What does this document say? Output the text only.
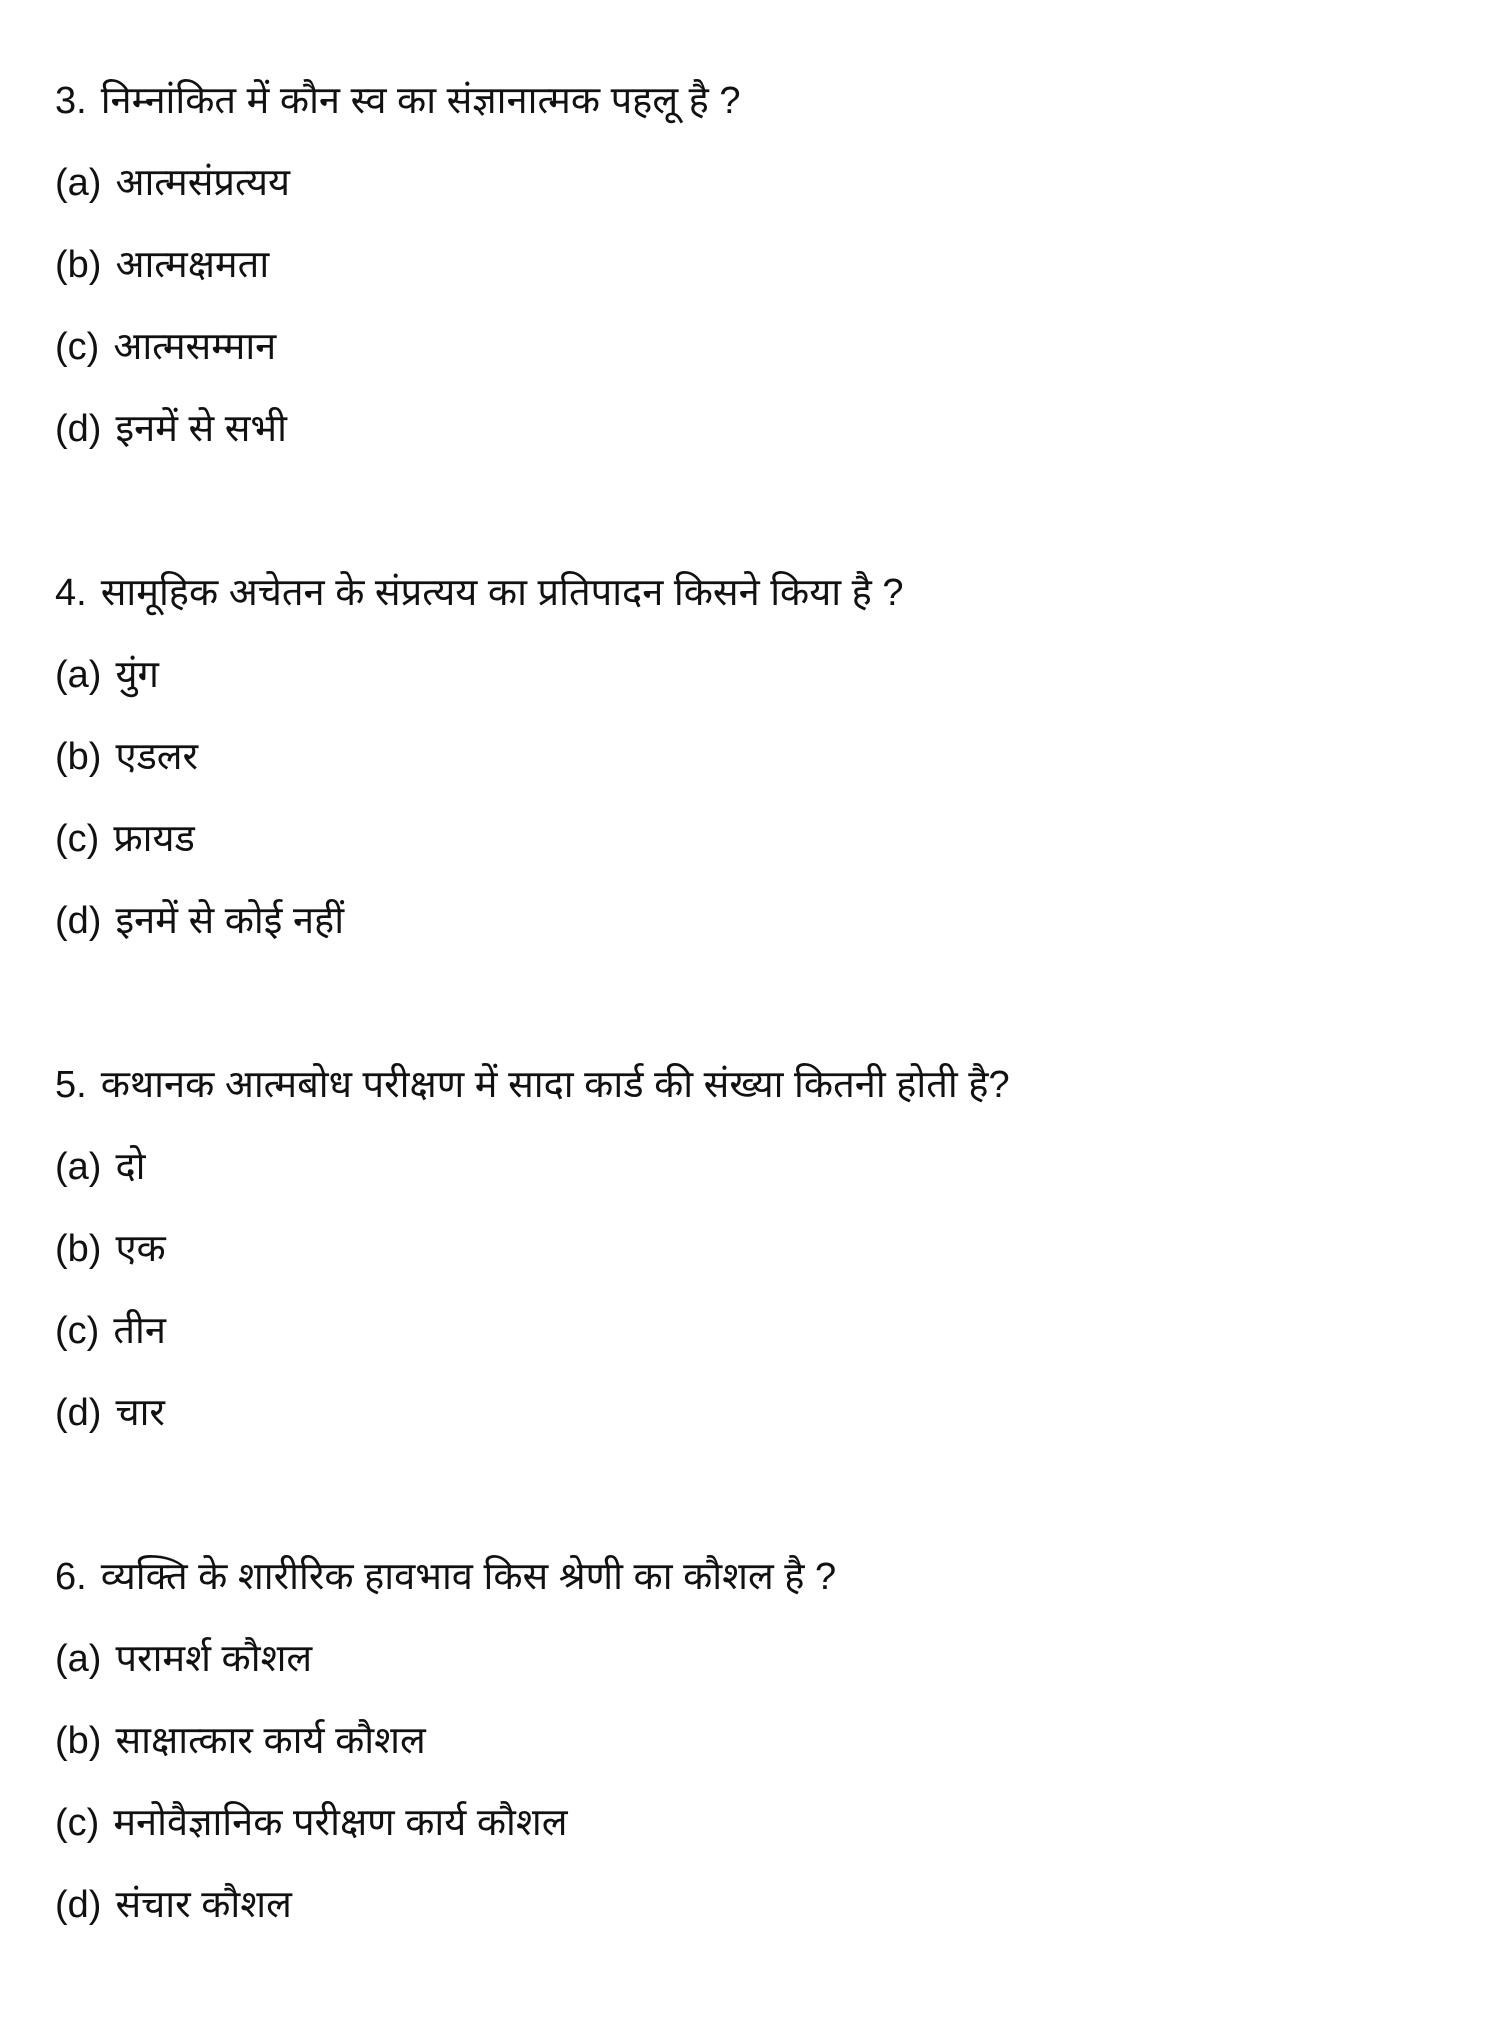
3. निम्नांकित में कौन स्व का संज्ञानात्मक पहलू है ?
(a) आत्मसंप्रत्यय
(b) आत्मक्षमता
(c) आत्मसम्मान
(d) इनमें से सभी
4. सामूहिक अचेतन के संप्रत्यय का प्रतिपादन किसने किया है ?
(a) युंग
(b) एडलर
(c) फ्रायड
(d) इनमें से कोई नहीं
5. कथानक आत्मबोध परीक्षण में सादा कार्ड की संख्या कितनी होती है?
(a) दो
(b) एक
(c) तीन
(d) चार
6. व्यक्ति के शारीरिक हावभाव किस श्रेणी का कौशल है ?
(a) परामर्श कौशल
(b) साक्षात्कार कार्य कौशल
(c) मनोवैज्ञानिक परीक्षण कार्य कौशल
(d) संचार कौशल
